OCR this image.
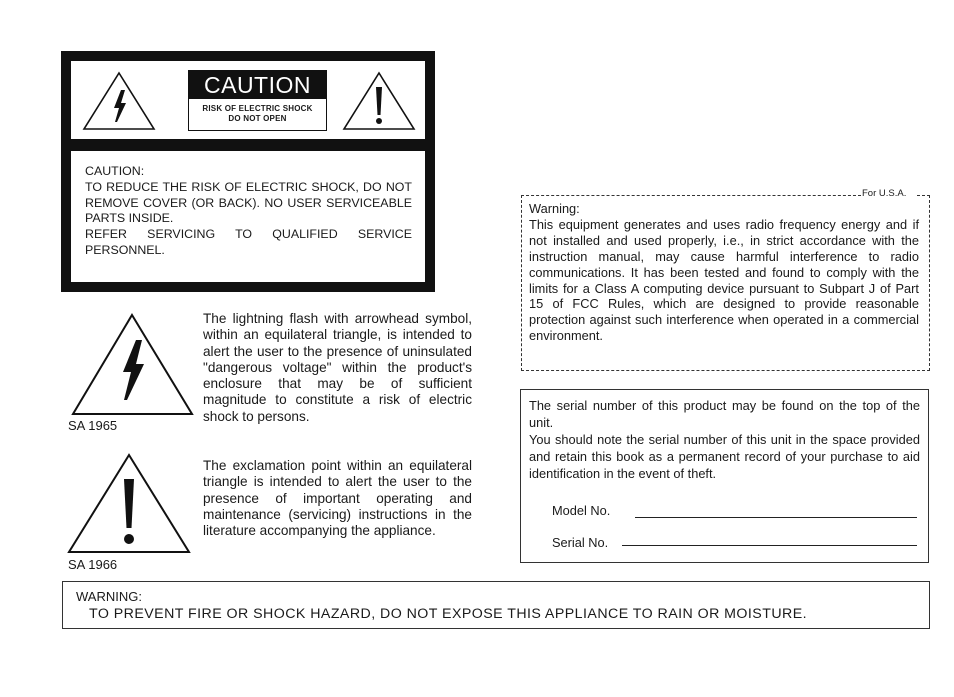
CAUTION
RISK OF ELECTRIC SHOCK
DO NOT OPEN
CAUTION:
TO REDUCE THE RISK OF ELECTRIC SHOCK, DO NOT REMOVE COVER (OR BACK). NO USER SERVICEABLE PARTS INSIDE.
REFER SERVICING TO QUALIFIED SERVICE PERSONNEL.
SA 1965
The lightning flash with arrowhead symbol, within an equilateral triangle, is intended to alert the user to the presence of uninsulated "dangerous voltage" within the product's enclosure that may be of sufficient magnitude to constitute a risk of electric shock to persons.
SA 1966
The exclamation point within an equilateral triangle is intended to alert the user to the presence of important operating and maintenance (servicing) instructions in the literature accompanying the appliance.
For U.S.A.
Warning:
This equipment generates and uses radio frequency energy and if not installed and used properly, i.e., in strict accordance with the instruction manual, may cause harmful interference to radio communications. It has been tested and found to comply with the limits for a Class A computing device pursuant to Subpart J of Part 15 of FCC Rules, which are designed to provide reasonable protection against such interference when operated in a commercial environment.
The serial number of this product may be found on the top of the unit.
You should note the serial number of this unit in the space provided and retain this book as a permanent record of your purchase to aid identification in the event of theft.
Model No.
Serial No.
WARNING:
TO PREVENT FIRE OR SHOCK HAZARD, DO NOT EXPOSE THIS APPLIANCE TO RAIN OR MOISTURE.
